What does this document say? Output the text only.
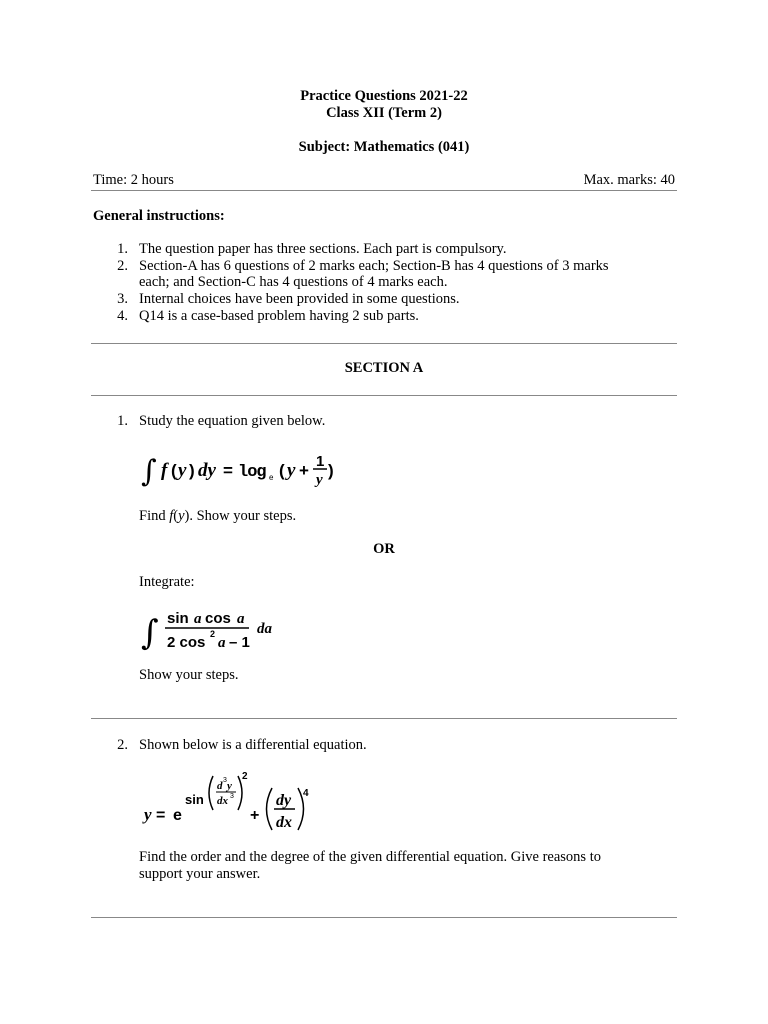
Practice Questions 2021-22
Class XII (Term 2)
Subject: Mathematics (041)
Time: 2 hours	Max. marks: 40
General instructions:
1. The question paper has three sections. Each part is compulsory.
2. Section-A has 6 questions of 2 marks each; Section-B has 4 questions of 3 marks
each; and Section-C has 4 questions of 4 marks each.
3. Internal choices have been provided in some questions.
4. Q14 is a case-based problem having 2 sub parts.
SECTION A
1. Study the equation given below.
∫ f ( y ) dy = log e ( y + 1
y )
Find f(y). Show your steps.
OR
Integrate:
∫ sin a cos a
2 cos 2
a – 1
da
Show your steps.
2. Shown below is a differential equation.
y = e
sin
d 3 y
dx 3
2
+
dy
dx
4
Find the order and the degree of the given differential equation. Give reasons to
support your answer.
